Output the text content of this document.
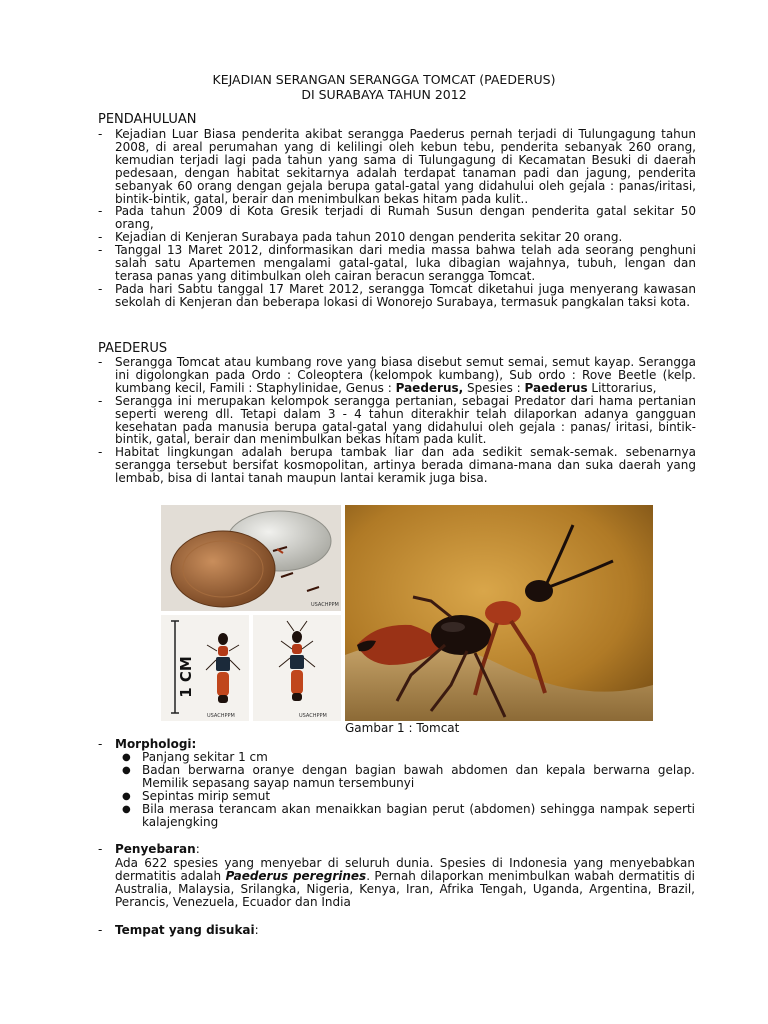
KEJADIAN SERANGAN SERANGGA TOMCAT (PAEDERUS)
DI SURABAYA TAHUN 2012
PENDAHULUAN
- Kejadian Luar Biasa penderita akibat serangga Paederus pernah terjadi di Tulungagung tahun 2008, di areal perumahan yang di kelilingi oleh kebun tebu, penderita sebanyak 260 orang, kemudian terjadi lagi pada tahun yang sama di Tulungagung di Kecamatan Besuki di daerah pedesaan, dengan habitat sekitarnya adalah terdapat tanaman padi dan jagung, penderita sebanyak 60 orang dengan gejala berupa gatal-gatal yang didahului oleh gejala : panas/iritasi, bintik-bintik, gatal, berair dan menimbulkan bekas hitam pada kulit..
- Pada tahun 2009 di Kota Gresik terjadi di Rumah Susun dengan penderita gatal sekitar 50 orang,
- Kejadian di Kenjeran Surabaya pada tahun 2010 dengan penderita sekitar 20 orang.
- Tanggal 13 Maret 2012, dinformasikan dari media massa bahwa telah ada seorang penghuni salah satu Apartemen mengalami gatal-gatal, luka dibagian wajahnya, tubuh, lengan dan terasa panas yang ditimbulkan oleh cairan beracun serangga Tomcat.
- Pada hari Sabtu tanggal 17 Maret 2012, serangga Tomcat diketahui juga menyerang kawasan sekolah di Kenjeran dan beberapa lokasi di Wonorejo Surabaya, termasuk pangkalan taksi kota.
PAEDERUS
- Serangga Tomcat atau kumbang rove yang biasa disebut semut semai, semut kayap. Serangga ini digolongkan pada Ordo : Coleoptera (kelompok kumbang), Sub ordo : Rove Beetle (kelp. kumbang kecil, Famili : Staphylinidae, Genus : Paederus, Spesies : Paederus Littorarius,
- Serangga ini merupakan kelompok serangga pertanian, sebagai Predator dari hama pertanian seperti wereng dll. Tetapi dalam 3 - 4 tahun diterakhir telah dilaporkan adanya gangguan kesehatan pada manusia berupa gatal-gatal yang didahului oleh gejala : panas/ iritasi, bintik-bintik, gatal, berair dan menimbulkan bekas hitam pada kulit.
- Habitat lingkungan adalah berupa tambak liar dan ada sedikit semak-semak. sebenarnya serangga tersebut bersifat kosmopolitan, artinya berada dimana-mana dan suka daerah yang lembab, bisa di lantai tanah maupun lantai keramik juga bisa.
USACHPPM
1 CM
USACHPPM	USACHPPM
Gambar 1 : Tomcat
- Morphologi:
● Panjang sekitar 1 cm
● Badan berwarna oranye dengan bagian bawah abdomen dan kepala berwarna gelap. Memilik sepasang sayap namun tersembunyi
● Sepintas mirip semut
● Bila merasa terancam akan menaikkan bagian perut (abdomen) sehingga nampak seperti kalajengking
- Penyebaran:
Ada 622 spesies yang menyebar di seluruh dunia. Spesies di Indonesia yang menyebabkan dermatitis adalah Paederus peregrines. Pernah dilaporkan menimbulkan wabah dermatitis di Australia, Malaysia, Srilangka, Nigeria, Kenya, Iran, Afrika Tengah, Uganda, Argentina, Brazil, Perancis, Venezuela, Ecuador dan India
- Tempat yang disukai:
